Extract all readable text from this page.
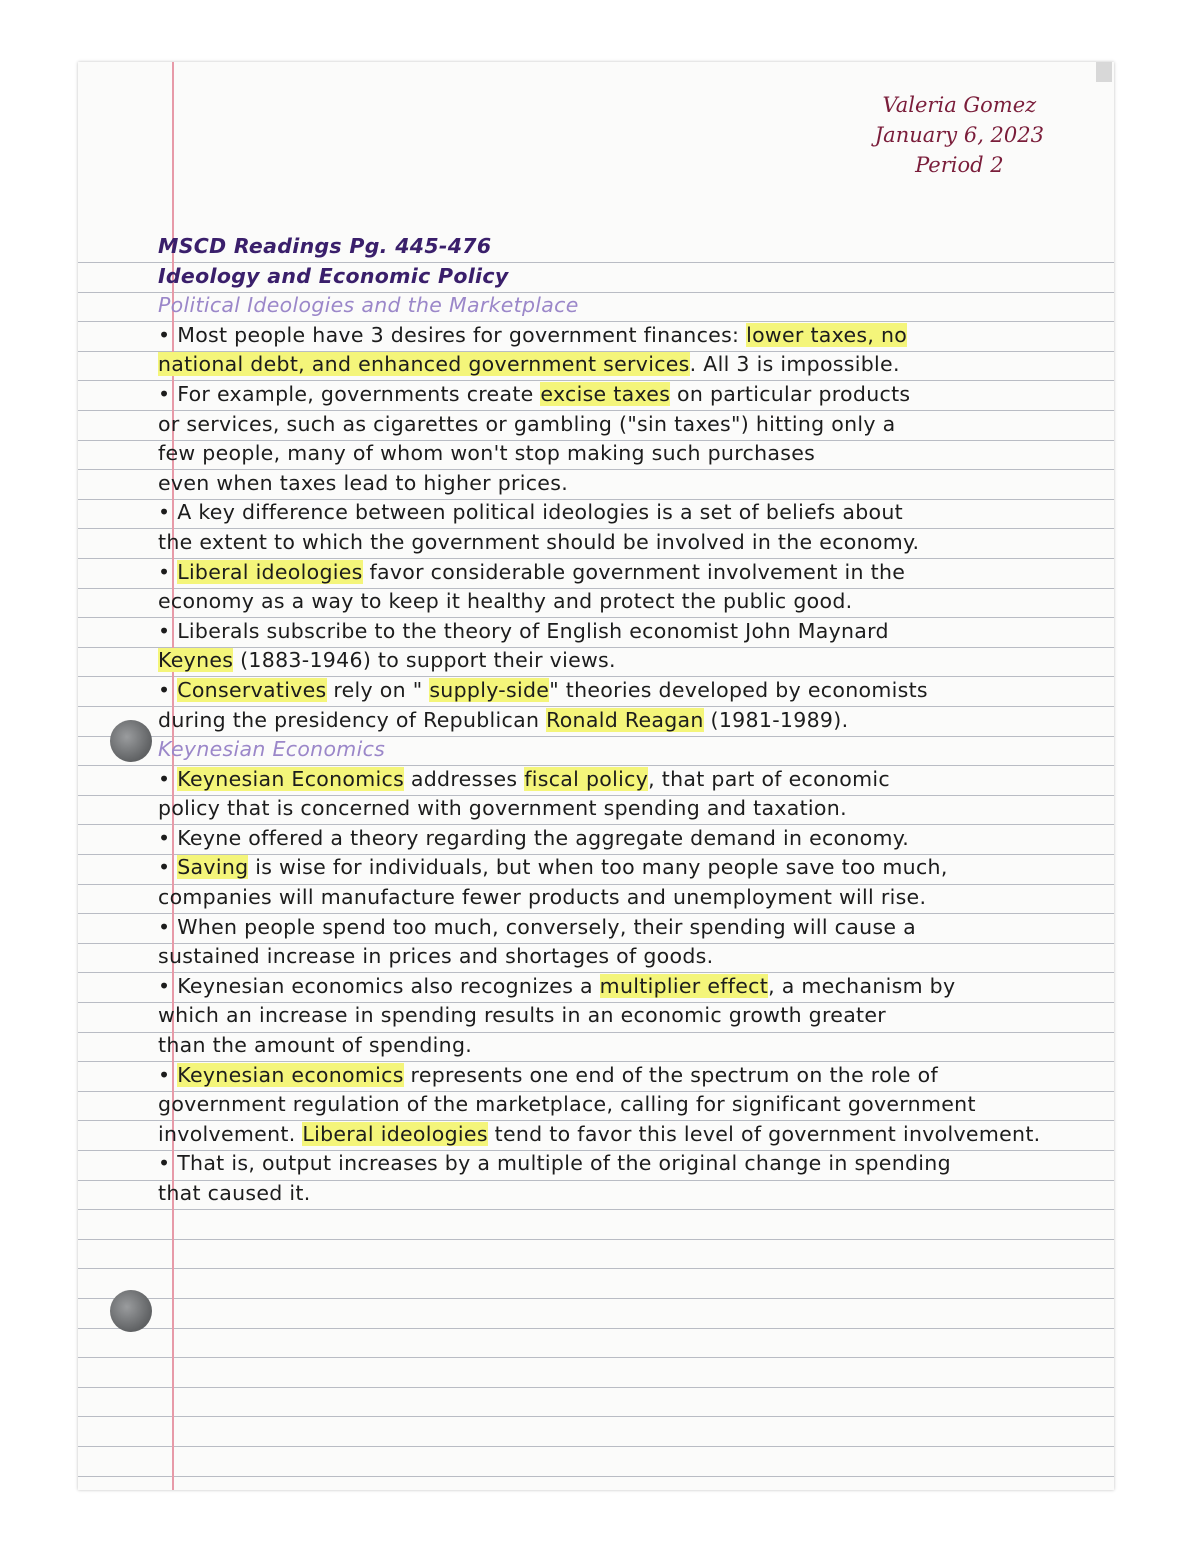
Valeria Gomez
January 6, 2023
Period 2
MSCD Readings Pg. 445-476
Ideology and Economic Policy
Political Ideologies and the Marketplace
• Most people have 3 desires for government finances: lower taxes, no
national debt, and enhanced government services. All 3 is impossible.
• For example, governments create excise taxes on particular products
or services, such as cigarettes or gambling ("sin taxes") hitting only a
few people, many of whom won't stop making such purchases
even when taxes lead to higher prices.
• A key difference between political ideologies is a set of beliefs about
the extent to which the government should be involved in the economy.
• Liberal ideologies favor considerable government involvement in the
economy as a way to keep it healthy and protect the public good.
• Liberals subscribe to the theory of English economist John Maynard
Keynes (1883-1946) to support their views.
• Conservatives rely on " supply-side" theories developed by economists
during the presidency of Republican Ronald Reagan (1981-1989).
Keynesian Economics
• Keynesian Economics addresses fiscal policy, that part of economic
policy that is concerned with government spending and taxation.
• Keyne offered a theory regarding the aggregate demand in economy.
• Saving is wise for individuals, but when too many people save too much,
companies will manufacture fewer products and unemployment will rise.
• When people spend too much, conversely, their spending will cause a
sustained increase in prices and shortages of goods.
• Keynesian economics also recognizes a multiplier effect, a mechanism by
which an increase in spending results in an economic growth greater
than the amount of spending.
• Keynesian economics represents one end of the spectrum on the role of
government regulation of the marketplace, calling for significant government
involvement. Liberal ideologies tend to favor this level of government involvement.
• That is, output increases by a multiple of the original change in spending
that caused it.
